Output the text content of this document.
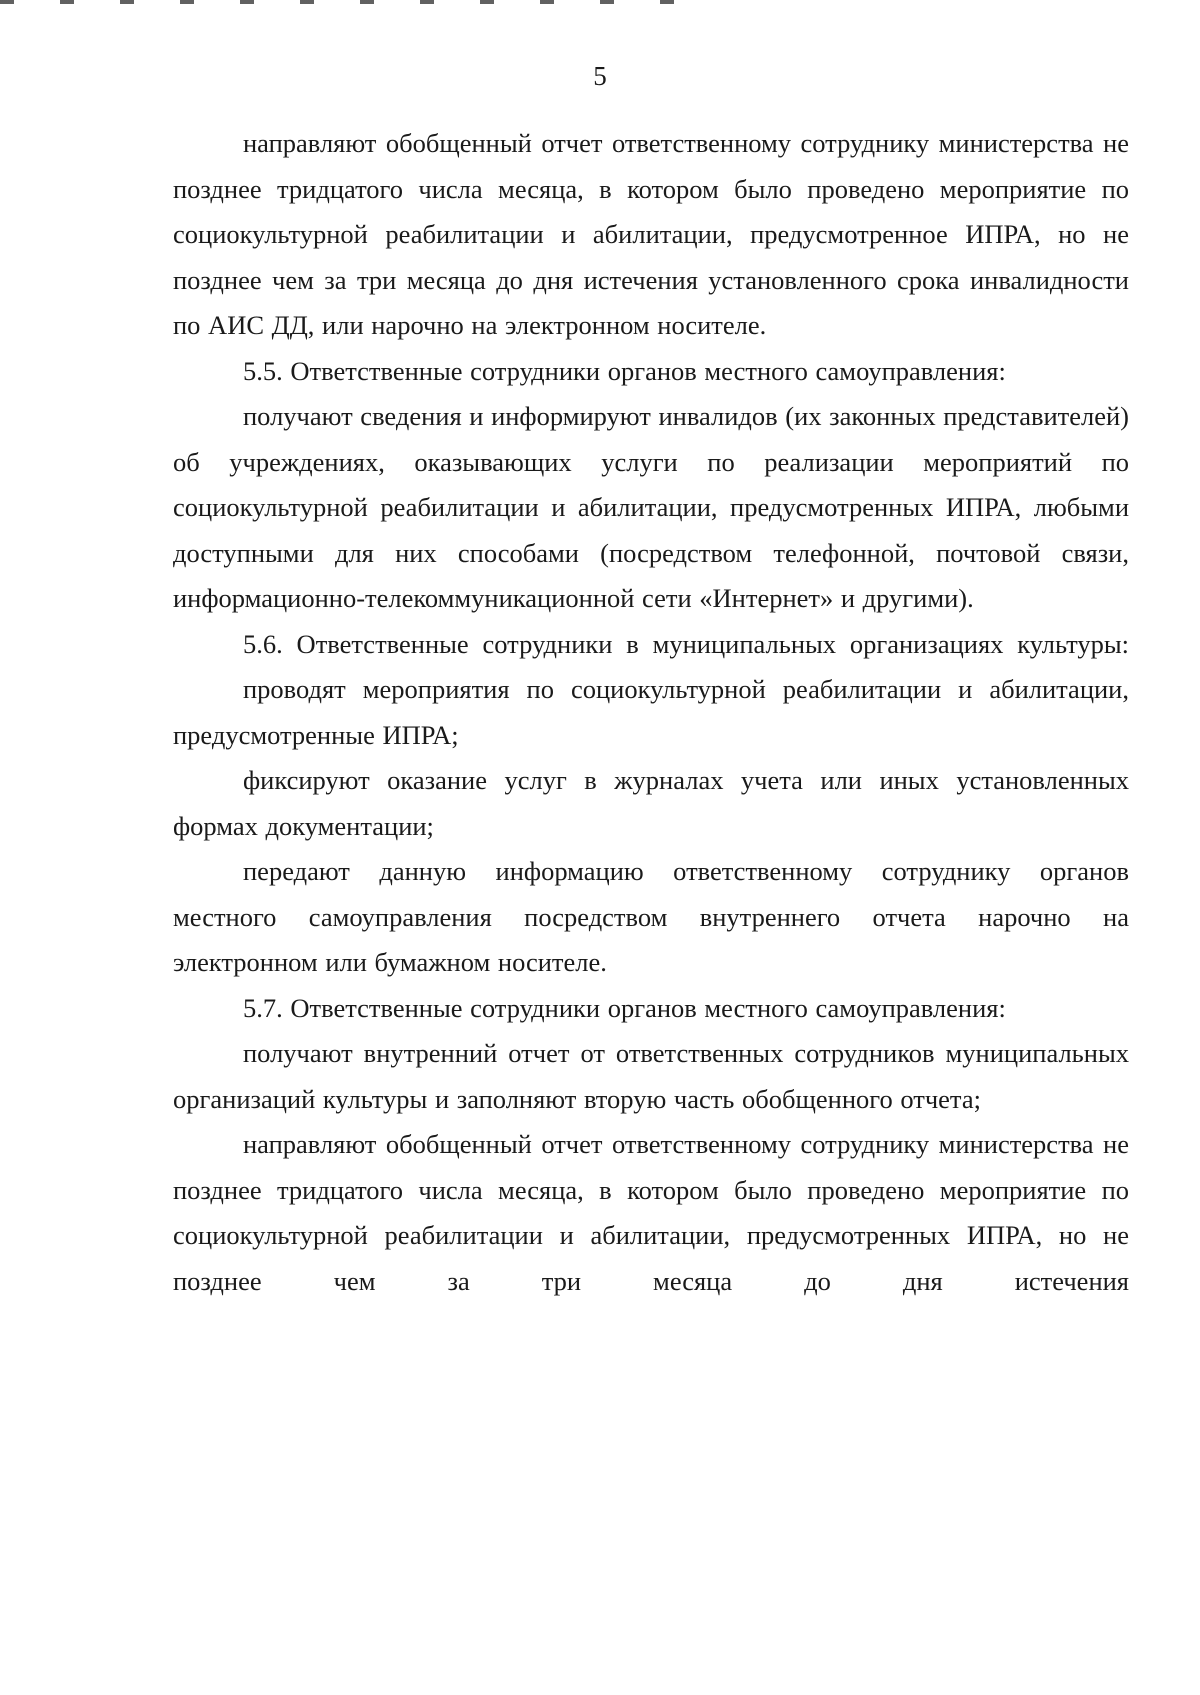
5

направляют обобщенный отчет ответственному сотруднику министерства не позднее тридцатого числа месяца, в котором было проведено мероприятие по социокультурной реабилитации и абилитации, предусмотренное ИПРА, но не позднее чем за три месяца до дня истечения установленного срока инвалидности по АИС ДД, или нарочно на электронном носителе.

5.5. Ответственные сотрудники органов местного самоуправления:

получают сведения и информируют инвалидов (их законных представителей) об учреждениях, оказывающих услуги по реализации мероприятий по социокультурной реабилитации и абилитации, предусмотренных ИПРА, любыми доступными для них способами (посредством телефонной, почтовой связи, информационно-телекоммуникационной сети «Интернет» и другими).

5.6. Ответственные сотрудники в муниципальных организациях культуры:

проводят мероприятия по социокультурной реабилитации и абилитации, предусмотренные ИПРА;

фиксируют оказание услуг в журналах учета или иных установленных формах документации;

передают данную информацию ответственному сотруднику органов местного самоуправления посредством внутреннего отчета нарочно на электронном или бумажном носителе.

5.7. Ответственные сотрудники органов местного самоуправления:

получают внутренний отчет от ответственных сотрудников муниципальных организаций культуры и заполняют вторую часть обобщенного отчета;

направляют обобщенный отчет ответственному сотруднику министерства не позднее тридцатого числа месяца, в котором было проведено мероприятие по социокультурной реабилитации и абилитации, предусмотренных ИПРА, но не позднее чем за три месяца до дня истечения
